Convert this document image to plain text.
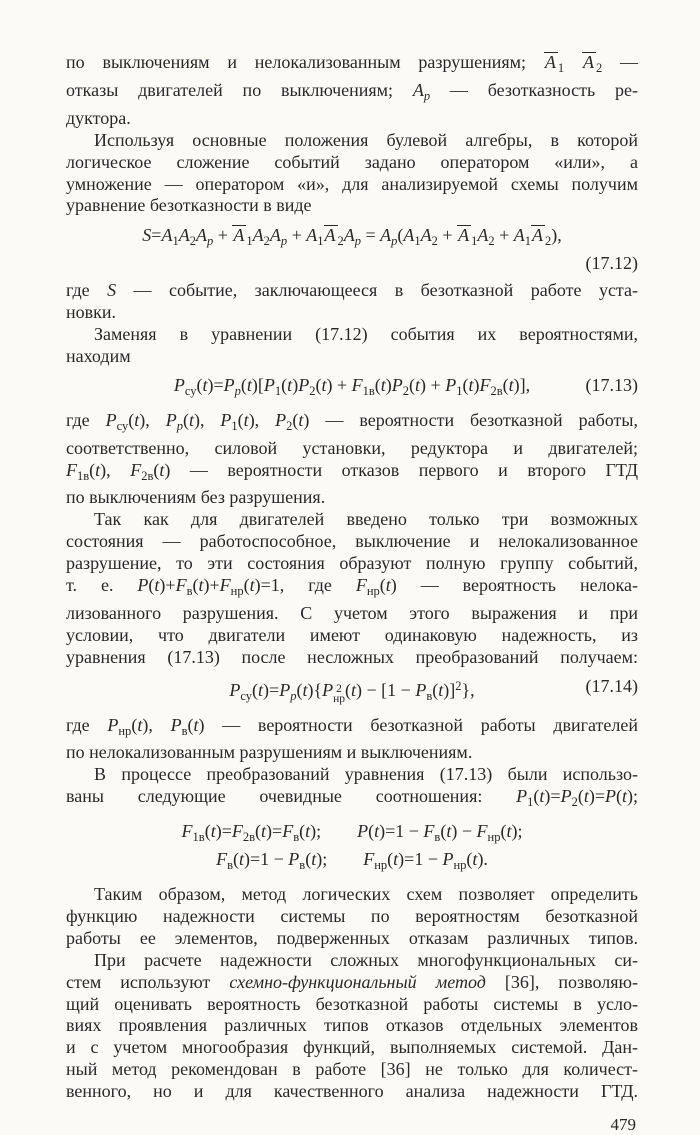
по выключениям и нелокализованным разрушениям; A $_1$ A $_2$ —
отказы двигателей по выключениям; $A_р$ — безотказность ре-
дуктора.
Используя основные положения булевой алгебры, в которой
логическое сложение событий задано оператором «или», а
умножение — оператором «и», для анализируемой схемы получим
уравнение безотказности в виде
$S=A_1A_2A_р + A$ $_1A_2A_р + A_1A$ $_2A_р = A_р(A_1A_2 + A$ $_1A_2 + A_1A$ $_2$),
(17.12)
где S — событие, заключающееся в безотказной работе уста-
новки.
Заменяя в уравнении (17.12) события их вероятностями,
находим
$P_{су}(t)=P_р(t)[P_1(t)P_2(t) + F_{1в}(t)P_2(t) + P_1(t)F_{2в}(t)]$,	(17.13)
где $P_{су}(t)$, $P_р(t)$, $P_1(t)$, $P_2(t)$ — вероятности безотказной работы,
соответственно, силовой установки, редуктора и двигателей;
$F_{1в}(t)$, $F_{2в}(t)$ — вероятности отказов первого и второго ГТД
по выключениям без разрушения.
Так как для двигателей введено только три возможных
состояния — работоспособное, выключение и нелокализованное
разрушение, то эти состояния образуют полную группу событий,
т. е. $P(t)+F_в(t)+F_{нр}(t)=1$, где $F_{нр}(t)$ — вероятность нелока-
лизованного разрушения. С учетом этого выражения и при
условии, что двигатели имеют одинаковую надежность, из
уравнения (17.13) после несложных преобразований получаем:
$P_{су}(t)=P_р(t)\{P$ 2
нр $(t) - [1 - P_в(t)]^2$},	(17.14)
где $P_{нр}(t)$, $P_в(t)$ — вероятности безотказной работы двигателей
по нелокализованным разрушениям и выключениям.
В процессе преобразований уравнения (17.13) были использо-
ваны следующие очевидные соотношения: $P_1(t)=P_2(t)=P(t)$;
$F_{1в}(t)=F_{2в}(t)=F_в(t)$; $P(t)=1 - F_в(t) - F_{нр}(t)$;
$F_в(t)=1 - P_в(t)$; $F_{нр}(t)=1 - P_{нр}(t)$.
Таким образом, метод логических схем позволяет определить
функцию надежности системы по вероятностям безотказной
работы ее элементов, подверженных отказам различных типов.
При расчете надежности сложных многофункциональных си-
стем используют схемно-функциональный метод [36], позволяю-
щий оценивать вероятность безотказной работы системы в усло-
виях проявления различных типов отказов отдельных элементов
и с учетом многообразия функций, выполняемых системой. Дан-
ный метод рекомендован в работе [36] не только для количест-
венного, но и для качественного анализа надежности ГТД.
479
